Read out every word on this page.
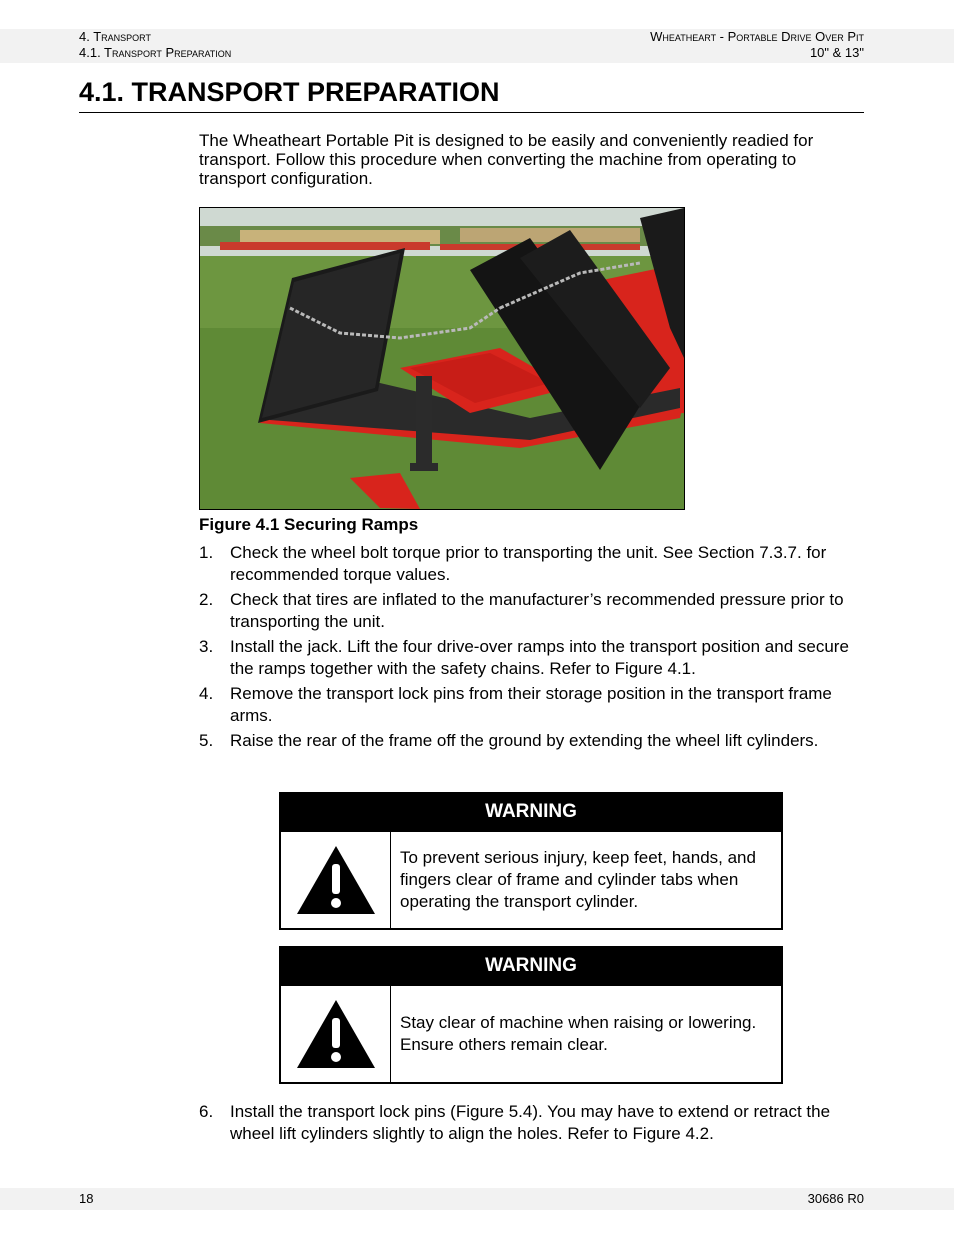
4. Transport
4.1. Transport Preparation
Wheatheart - Portable Drive Over Pit
10" & 13"
4.1. TRANSPORT PREPARATION

The Wheatheart Portable Pit is designed to be easily and conveniently readied for transport. Follow this procedure when converting the machine from operating to transport configuration.

Figure 4.1 Securing Ramps

1. Check the wheel bolt torque prior to transporting the unit. See Section 7.3.7. for recommended torque values.
2. Check that tires are inflated to the manufacturer’s recommended pressure prior to transporting the unit.
3. Install the jack. Lift the four drive-over ramps into the transport position and secure the ramps together with the safety chains. Refer to Figure 4.1.
4. Remove the transport lock pins from their storage position in the transport frame arms.
5. Raise the rear of the frame off the ground by extending the wheel lift cylinders.
WARNING
To prevent serious injury, keep feet, hands, and fingers clear of frame and cylinder tabs when operating the transport cylinder.
WARNING
Stay clear of machine when raising or lowering. Ensure others remain clear.
6. Install the transport lock pins (Figure 5.4). You may have to extend or retract the wheel lift cylinders slightly to align the holes. Refer to Figure 4.2.
18	30686 R0
